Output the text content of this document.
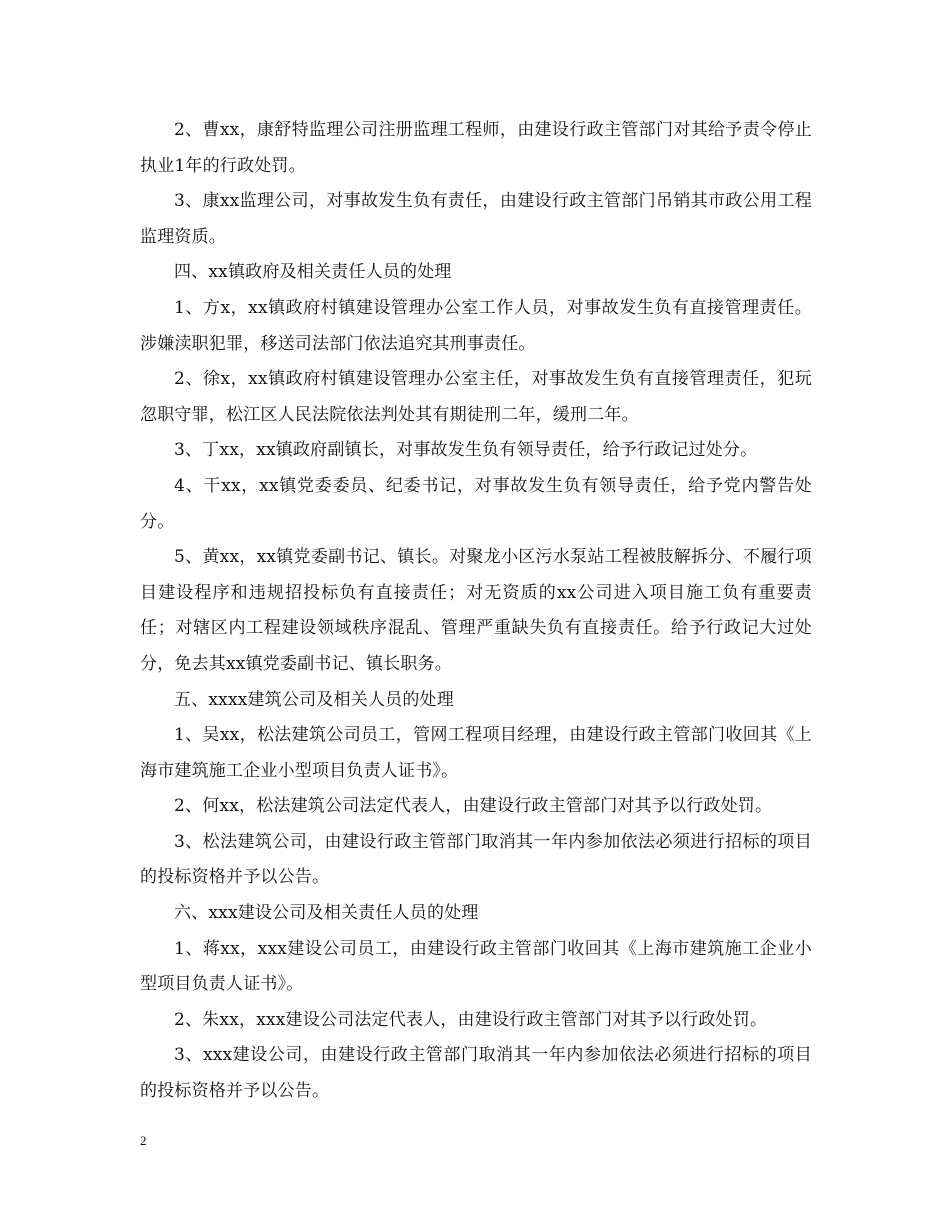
2、曹xx，康舒特监理公司注册监理工程师，由建设行政主管部门对其给予责令停止执业1年的行政处罚。

3、康xx监理公司，对事故发生负有责任，由建设行政主管部门吊销其市政公用工程监理资质。

四、xx镇政府及相关责任人员的处理

1、方x，xx镇政府村镇建设管理办公室工作人员，对事故发生负有直接管理责任。涉嫌渎职犯罪，移送司法部门依法追究其刑事责任。

2、徐x，xx镇政府村镇建设管理办公室主任，对事故发生负有直接管理责任，犯玩忽职守罪，松江区人民法院依法判处其有期徒刑二年，缓刑二年。

3、丁xx，xx镇政府副镇长，对事故发生负有领导责任，给予行政记过处分。

4、干xx，xx镇党委委员、纪委书记，对事故发生负有领导责任，给予党内警告处分。

5、黄xx，xx镇党委副书记、镇长。对聚龙小区污水泵站工程被肢解拆分、不履行项目建设程序和违规招投标负有直接责任；对无资质的xx公司进入项目施工负有重要责任；对辖区内工程建设领域秩序混乱、管理严重缺失负有直接责任。给予行政记大过处分，免去其xx镇党委副书记、镇长职务。

五、xxxx建筑公司及相关人员的处理

1、吴xx，松法建筑公司员工，管网工程项目经理，由建设行政主管部门收回其《上海市建筑施工企业小型项目负责人证书》。

2、何xx，松法建筑公司法定代表人，由建设行政主管部门对其予以行政处罚。

3、松法建筑公司，由建设行政主管部门取消其一年内参加依法必须进行招标的项目的投标资格并予以公告。

六、xxx建设公司及相关责任人员的处理

1、蒋xx，xxx建设公司员工，由建设行政主管部门收回其《上海市建筑施工企业小型项目负责人证书》。

2、朱xx，xxx建设公司法定代表人，由建设行政主管部门对其予以行政处罚。

3、xxx建设公司，由建设行政主管部门取消其一年内参加依法必须进行招标的项目的投标资格并予以公告。

2
